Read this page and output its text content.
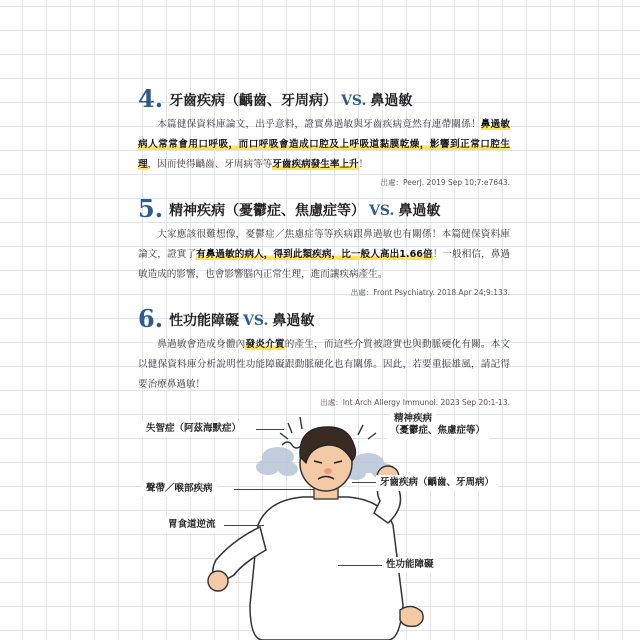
4. 牙齒疾病（齲齒、牙周病） VS. 鼻過敏
本篇健保資料庫論文，出乎意料，證實鼻過敏與牙齒疾病竟然有連帶關係！鼻過敏病人常常會用口呼吸，而口呼吸會造成口腔及上呼吸道黏膜乾燥，影響到正常口腔生理，因而使得齲齒、牙周病等等牙齒疾病發生率上升！
出處：PeerJ. 2019 Sep 10;7:e7643.
5. 精神疾病（憂鬱症、焦慮症等） VS. 鼻過敏
大家應該很難想像，憂鬱症／焦慮症等等疾病跟鼻過敏也有關係！本篇健保資料庫論文，證實了有鼻過敏的病人，得到此類疾病，比一般人高出1.66倍！一般相信，鼻過敏造成的影響，也會影響腦內正常生理，進而讓疾病產生。
出處：Front Psychiatry. 2018 Apr 24;9:133.
6. 性功能障礙 VS. 鼻過敏
鼻過敏會造成身體內發炎介質的產生，而這些介質被證實也與動脈硬化有關。本文以健保資料庫分析說明性功能障礙跟動脈硬化也有關係。因此，若要重振雄風，請記得要治療鼻過敏！
出處：Int Arch Allergy Immunol. 2023 Sep 20:1-13.
失智症（阿茲海默症）
精神疾病
（憂鬱症、焦慮症等）
牙齒疾病（齲齒、牙周病）
聲帶／喉部疾病
胃食道逆流
性功能障礙
